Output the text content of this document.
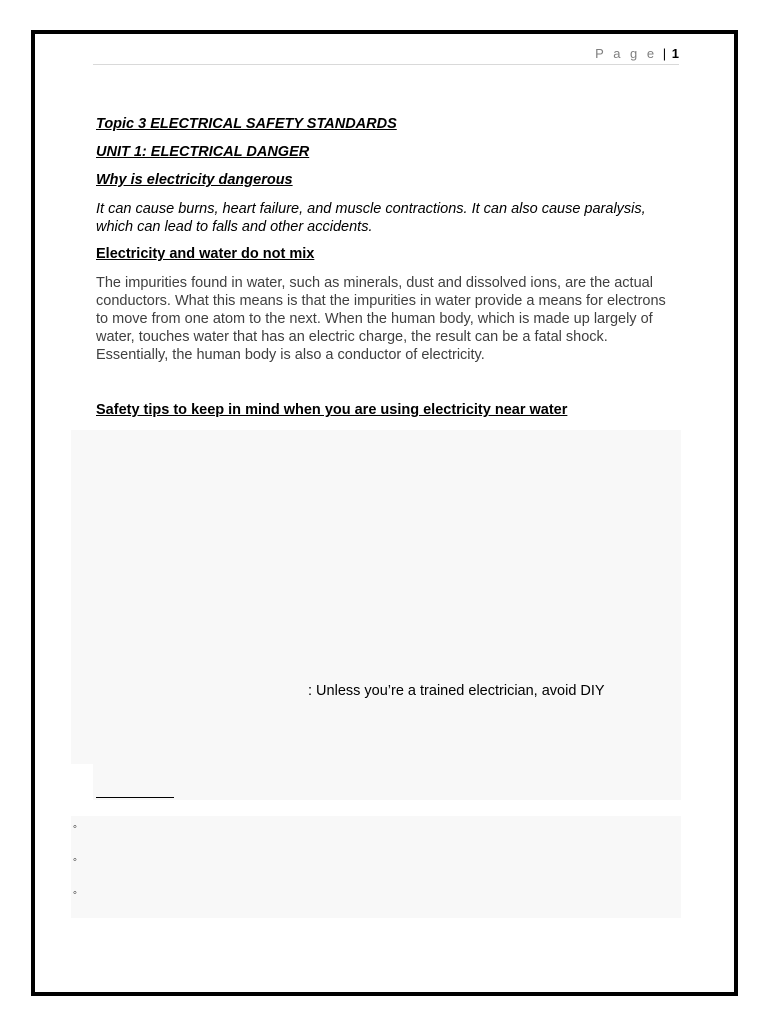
P a g e | 1
Topic 3 ELECTRICAL SAFETY STANDARDS
UNIT 1: ELECTRICAL DANGER
Why is electricity dangerous
It can cause burns, heart failure, and muscle contractions. It can also cause paralysis, which can lead to falls and other accidents.
Electricity and water do not mix
The impurities found in water, such as minerals, dust and dissolved ions, are the actual conductors. What this means is that the impurities in water provide a means for electrons to move from one atom to the next. When the human body, which is made up largely of water, touches water that has an electric charge, the result can be a fatal shock. Essentially, the human body is also a conductor of electricity.
Safety tips to keep in mind when you are using electricity near water
: Unless you’re a trained electrician, avoid DIY
◦
◦
◦
